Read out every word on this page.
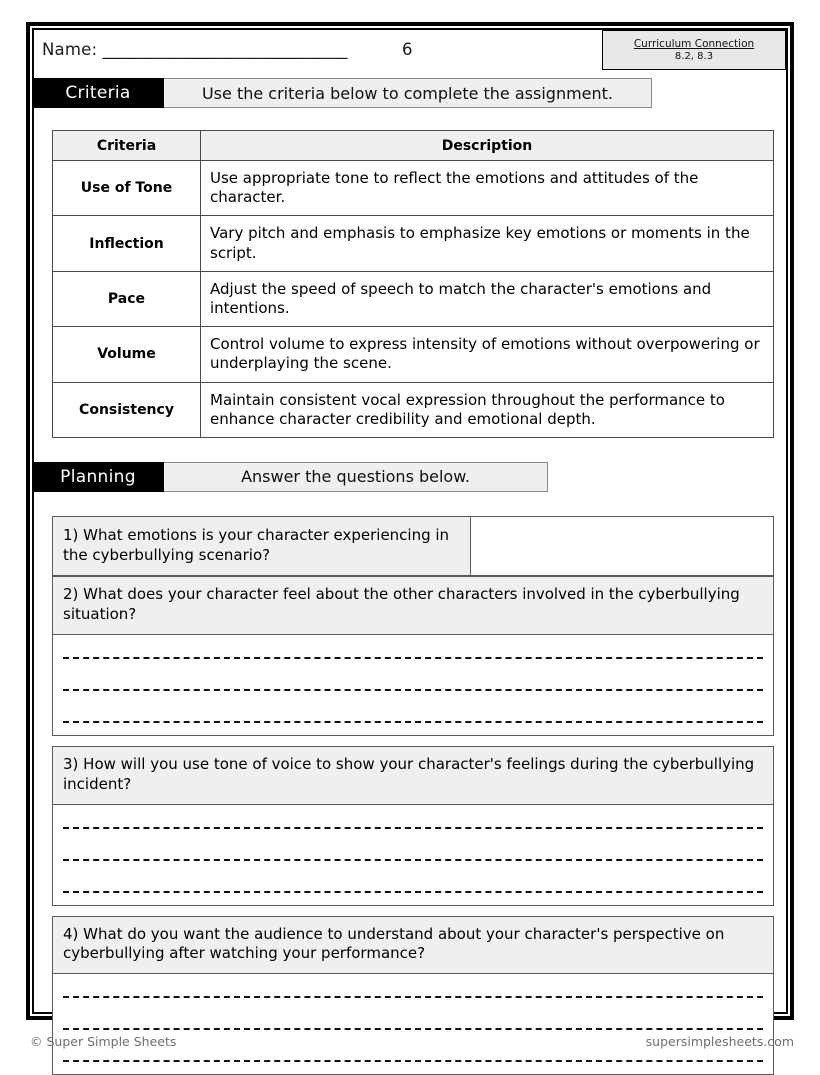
Name: _____________________________	6	Curriculum Connection
8.2, 8.3
Criteria	Use the criteria below to complete the assignment.
Criteria	Description
Use of Tone	Use appropriate tone to reflect the emotions and attitudes of the character.
Inflection	Vary pitch and emphasis to emphasize key emotions or moments in the script.
Pace	Adjust the speed of speech to match the character's emotions and intentions.
Volume	Control volume to express intensity of emotions without overpowering or underplaying the scene.
Consistency	Maintain consistent vocal expression throughout the performance to enhance character credibility and emotional depth.
Planning	Answer the questions below.
1) What emotions is your character experiencing in the cyberbullying scenario?
2) What does your character feel about the other characters involved in the cyberbullying situation?
3) How will you use tone of voice to show your character's feelings during the cyberbullying incident?
4) What do you want the audience to understand about your character's perspective on cyberbullying after watching your performance?
© Super Simple Sheets	supersimplesheets.com
